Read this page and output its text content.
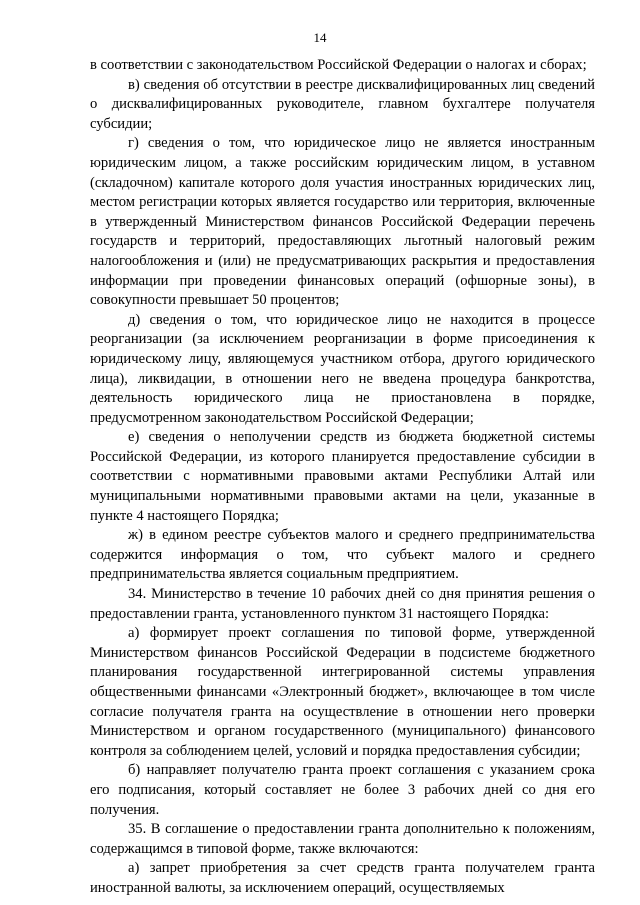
14

в соответствии с законодательством Российской Федерации о налогах и сборах;

в) сведения об отсутствии в реестре дисквалифицированных лиц сведений о дисквалифицированных руководителе, главном бухгалтере получателя субсидии;

г) сведения о том, что юридическое лицо не является иностранным юридическим лицом, а также российским юридическим лицом, в уставном (складочном) капитале которого доля участия иностранных юридических лиц, местом регистрации которых является государство или территория, включенные в утвержденный Министерством финансов Российской Федерации перечень государств и территорий, предоставляющих льготный налоговый режим налогообложения и (или) не предусматривающих раскрытия и предоставления информации при проведении финансовых операций (офшорные зоны), в совокупности превышает 50 процентов;

д) сведения о том, что юридическое лицо не находится в процессе реорганизации (за исключением реорганизации в форме присоединения к юридическому лицу, являющемуся участником отбора, другого юридического лица), ликвидации, в отношении него не введена процедура банкротства, деятельность юридического лица не приостановлена в порядке, предусмотренном законодательством Российской Федерации;

е) сведения о неполучении средств из бюджета бюджетной системы Российской Федерации, из которого планируется предоставление субсидии в соответствии с нормативными правовыми актами Республики Алтай или муниципальными нормативными правовыми актами на цели, указанные в пункте 4 настоящего Порядка;

ж) в едином реестре субъектов малого и среднего предпринимательства содержится информация о том, что субъект малого и среднего предпринимательства является социальным предприятием.

34. Министерство в течение 10 рабочих дней со дня принятия решения о предоставлении гранта, установленного пунктом 31 настоящего Порядка:

а) формирует проект соглашения по типовой форме, утвержденной Министерством финансов Российской Федерации в подсистеме бюджетного планирования государственной интегрированной системы управления общественными финансами «Электронный бюджет», включающее в том числе согласие получателя гранта на осуществление в отношении него проверки Министерством и органом государственного (муниципального) финансового контроля за соблюдением целей, условий и порядка предоставления субсидии;

б) направляет получателю гранта проект соглашения с указанием срока его подписания, который составляет не более 3 рабочих дней со дня его получения.

35. В соглашение о предоставлении гранта дополнительно к положениям, содержащимся в типовой форме, также включаются:

а) запрет приобретения за счет средств гранта получателем гранта иностранной валюты, за исключением операций, осуществляемых
